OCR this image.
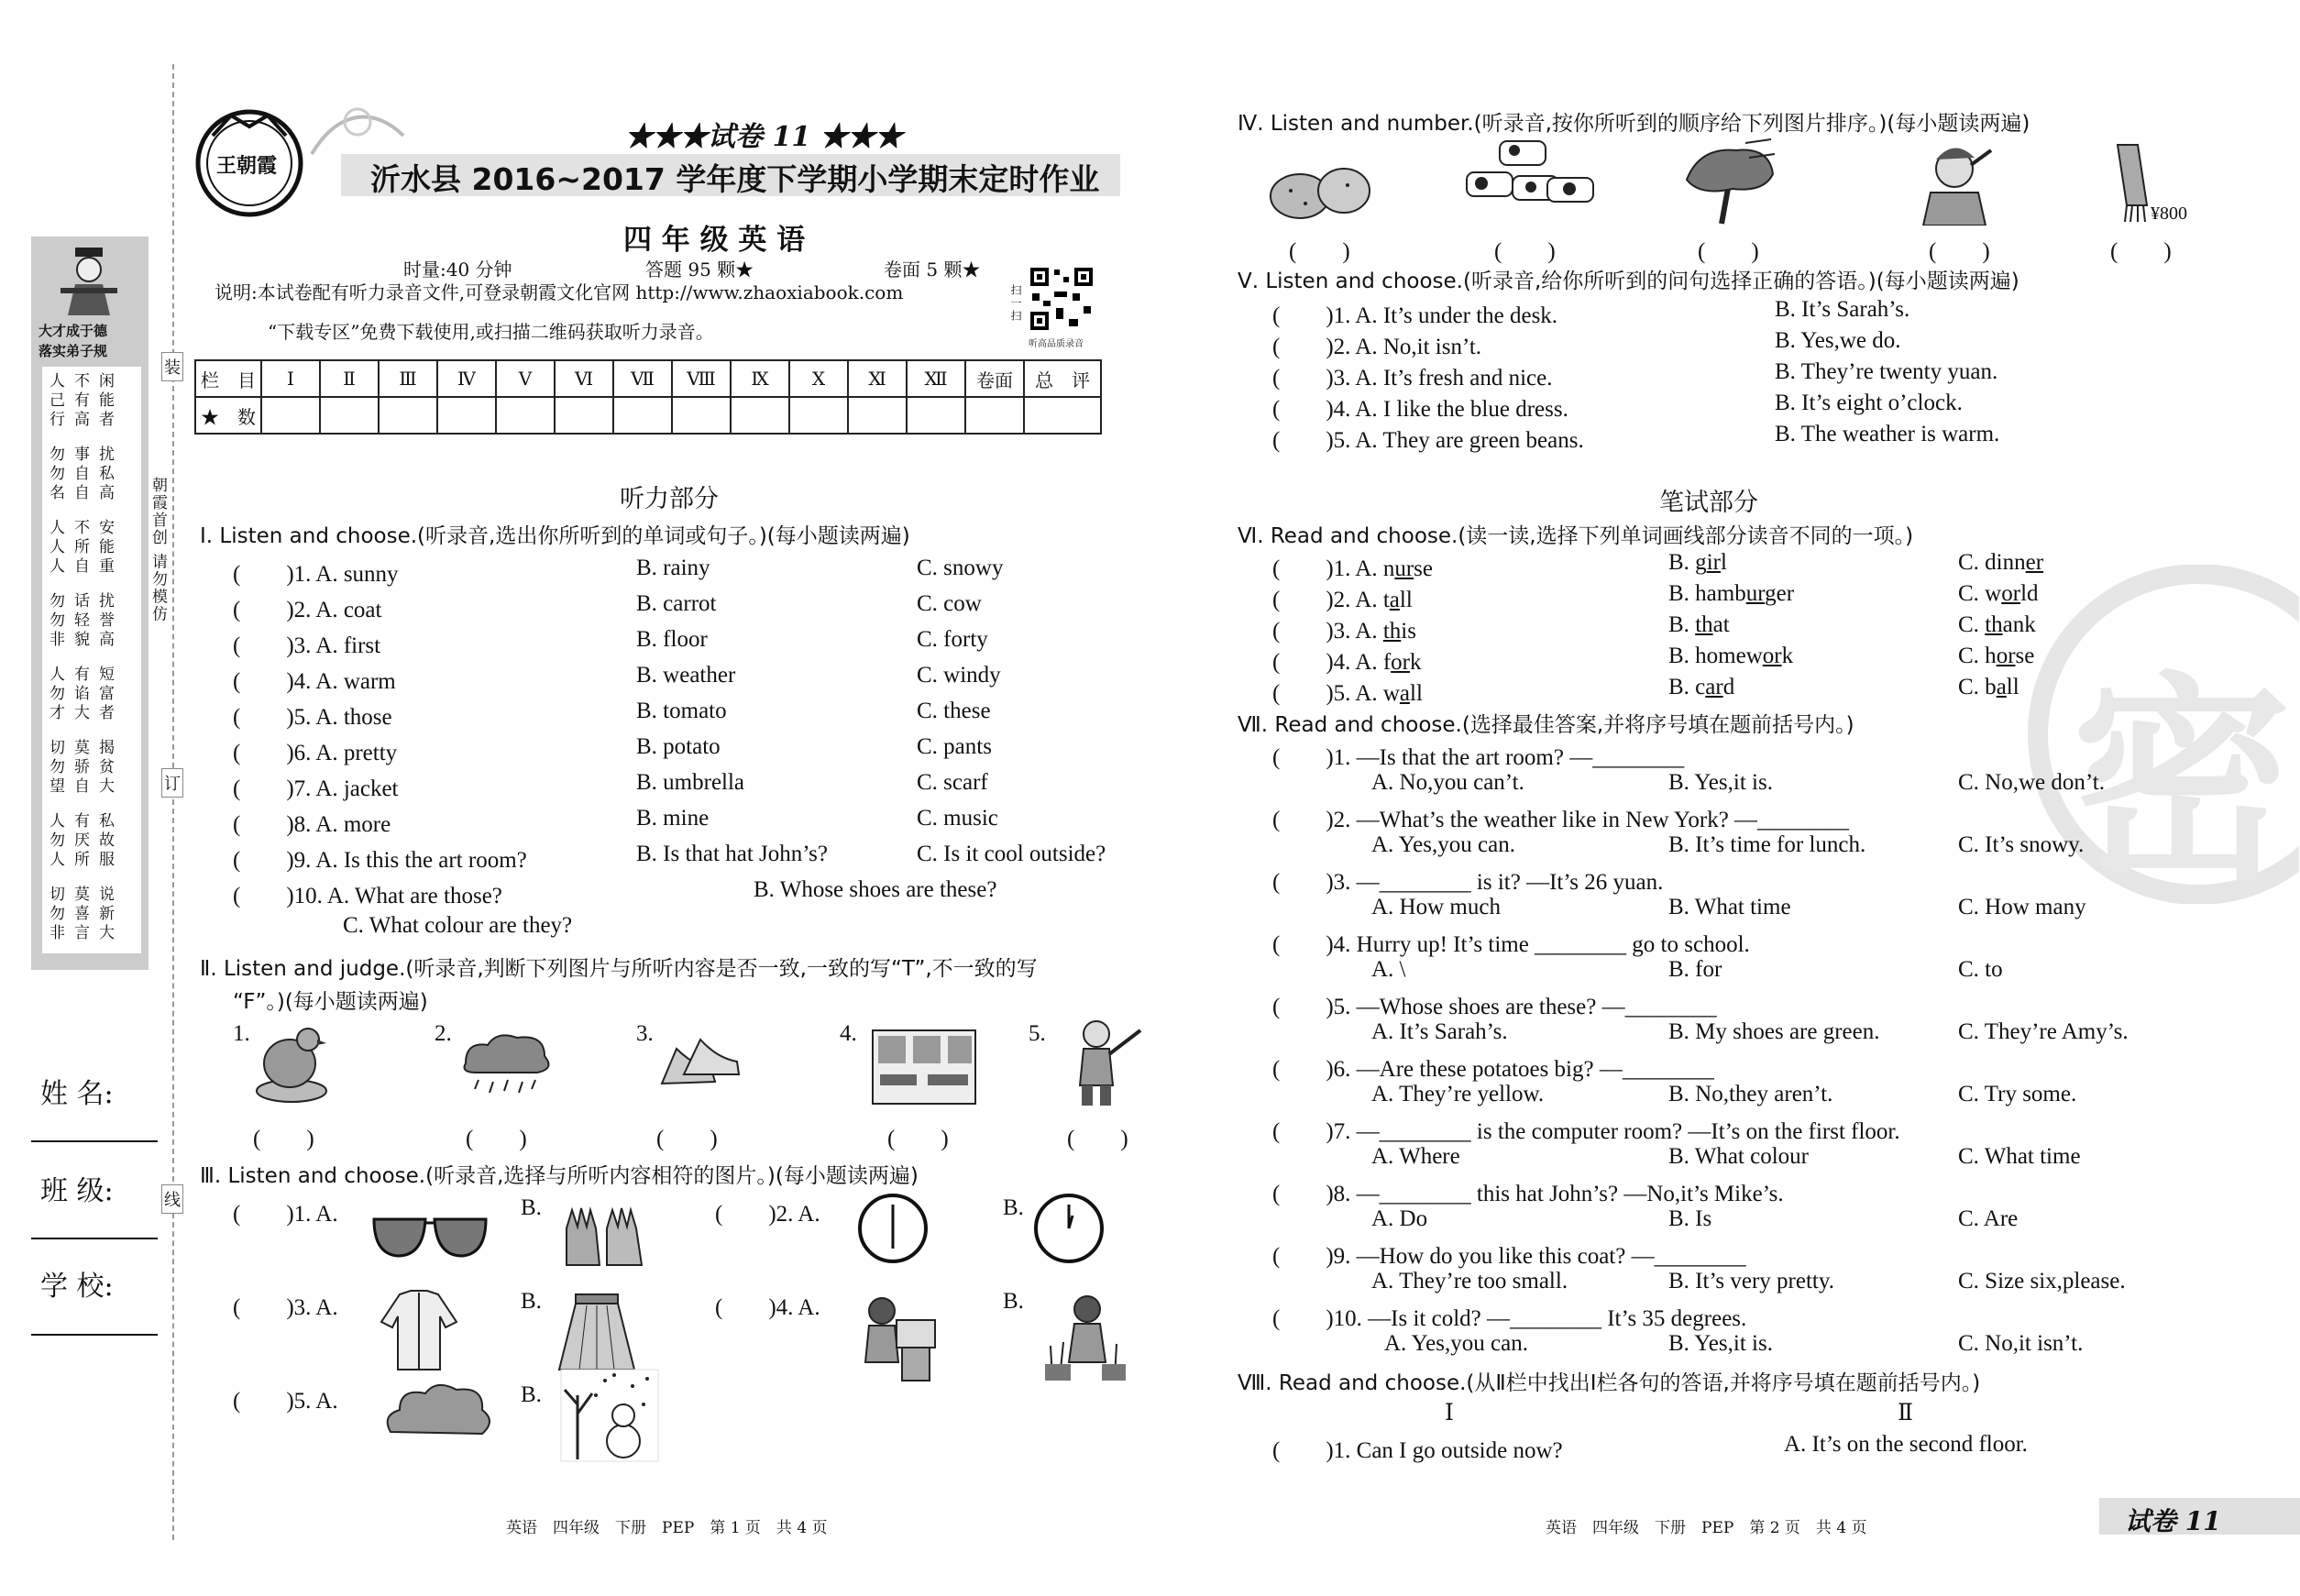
大才成于德
落实弟子规
人不闲己有能行高者
勿事扰勿自私名自高
人不安人所能人自重
勿话扰勿轻誉非貌高
人有短勿谄富才大者
切莫揭勿骄贫望自大
人有私勿厌故人所服
切莫说勿喜新非言大
朝霞首创 请勿模仿
装
订
线
姓 名:
班 级:
学 校:
王朝霞
★★★试卷 11 ★★★
沂水县 2016~2017 学年度下学期小学期末定时作业
四 年 级 英 语
时量:40 分钟	答题 95 颗★	卷面 5 颗★
说明:本试卷配有听力录音文件,可登录朝霞文化官网 http://www.zhaoxiabook.com
“下载专区”免费下载使用,或扫描二维码获取听力录音。
扫一扫
听高品质录音
栏　目	Ⅰ	Ⅱ	Ⅲ	Ⅳ	Ⅴ	Ⅵ	Ⅶ	Ⅷ	Ⅸ	Ⅹ	Ⅺ	Ⅻ	卷面	总　评
★　数														
听力部分
Ⅰ. Listen and choose.(听录音,选出你所听到的单词或句子。)(每小题读两遍)
(　　)1. A. sunny	B. rainy	C. snowy
(　　)2. A. coat	B. carrot	C. cow
(　　)3. A. first	B. floor	C. forty
(　　)4. A. warm	B. weather	C. windy
(　　)5. A. those	B. tomato	C. these
(　　)6. A. pretty	B. potato	C. pants
(　　)7. A. jacket	B. umbrella	C. scarf
(　　)8. A. more	B. mine	C. music
(　　)9. A. Is this the art room?	B. Is that hat John’s?	C. Is it cool outside?
(　　)10. A. What are those?	B. Whose shoes are these?
C. What colour are they?
Ⅱ. Listen and judge.(听录音,判断下列图片与所听内容是否一致,一致的写“T”,不一致的写
“F”。)(每小题读两遍)
1.	2.	3.	4.	5.
(　　)	(　　)	(　　)	(　　)	(　　)
Ⅲ. Listen and choose.(听录音,选择与所听内容相符的图片。)(每小题读两遍)
(　　)1. A.	B.	(　　)2. A.	B.
(　　)3. A.	B.	(　　)4. A.	B.
(　　)5. A.	B.
Ⅳ. Listen and number.(听录音,按你所听到的顺序给下列图片排序。)(每小题读两遍)
¥800
(　　)	(　　)	(　　)	(　　)	(　　)
Ⅴ. Listen and choose.(听录音,给你所听到的问句选择正确的答语。)(每小题读两遍)
(　　)1. A. It’s under the desk.	B. It’s Sarah’s.
(　　)2. A. No,it isn’t.	B. Yes,we do.
(　　)3. A. It’s fresh and nice.	B. They’re twenty yuan.
(　　)4. A. I like the blue dress.	B. It’s eight o’clock.
(　　)5. A. They are green beans.	B. The weather is warm.
密
笔试部分
Ⅵ. Read and choose.(读一读,选择下列单词画线部分读音不同的一项。)
(　　)1. A. nurse	B. girl	C. dinner
(　　)2. A. tall	B. hamburger	C. world
(　　)3. A. this	B. that	C. thank
(　　)4. A. fork	B. homework	C. horse
(　　)5. A. wall	B. card	C. ball
Ⅶ. Read and choose.(选择最佳答案,并将序号填在题前括号内。)
(　　)1. —Is that the art room? —________
A. No,you can’t.	B. Yes,it is.	C. No,we don’t.
(　　)2. —What’s the weather like in New York? —________
A. Yes,you can.	B. It’s time for lunch.	C. It’s snowy.
(　　)3. —________ is it? —It’s 26 yuan.
A. How much	B. What time	C. How many
(　　)4. Hurry up! It’s time ________ go to school.
A. \	B. for	C. to
(　　)5. —Whose shoes are these? —________
A. It’s Sarah’s.	B. My shoes are green.	C. They’re Amy’s.
(　　)6. —Are these potatoes big? —________
A. They’re yellow.	B. No,they aren’t.	C. Try some.
(　　)7. —________ is the computer room? —It’s on the first floor.
A. Where	B. What colour	C. What time
(　　)8. —________ this hat John’s? —No,it’s Mike’s.
A. Do	B. Is	C. Are
(　　)9. —How do you like this coat? —________
A. They’re too small.	B. It’s very pretty.	C. Size six,please.
(　　)10. —Is it cold? —________ It’s 35 degrees.
A. Yes,you can.	B. Yes,it is.	C. No,it isn’t.
Ⅷ. Read and choose.(从Ⅱ栏中找出Ⅰ栏各句的答语,并将序号填在题前括号内。)
Ⅰ	Ⅱ
(　　)1. Can I go outside now?	A. It’s on the second floor.
英语　四年级　下册　PEP　第 1 页　共 4 页	英语　四年级　下册　PEP　第 2 页　共 4 页	试卷 11
